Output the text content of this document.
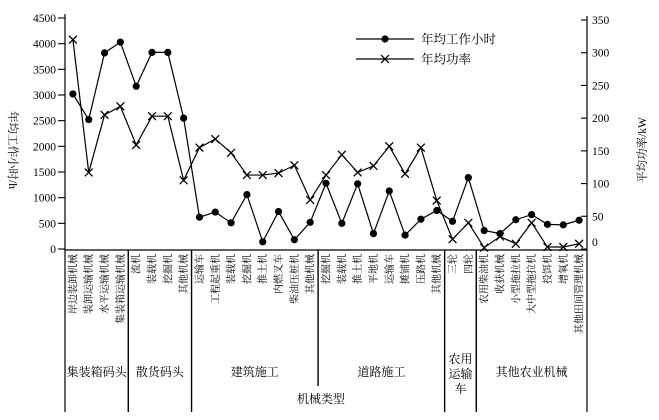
0
500
1000
1500
2000
2500
3000
3500
4000
4500
0
50
100
150
200
250
300
350
岸边装卸机械 装卸运输机械 水平运输机械 集装箱运输机械 流机 装载机 挖掘机 其他机械 运输车 工程起重机 装载机 挖掘机 推土机 内燃叉车 柴油压桩机 其他机械 挖掘机 装载机 推土机 平地机 运输车 摊铺机 压路机 其他机械 三轮 四轮 农用柴油机 收获机械 小型拖拉机 大中型拖拉机 投饵机 增氧机 其他田间管理机械
集装箱码头 散货码头	建筑施工	道路施工
农用
运输
车
其他农业机械
机械类型
年均工作小时/h	平均功率/kW
年均工作小时
年均功率
